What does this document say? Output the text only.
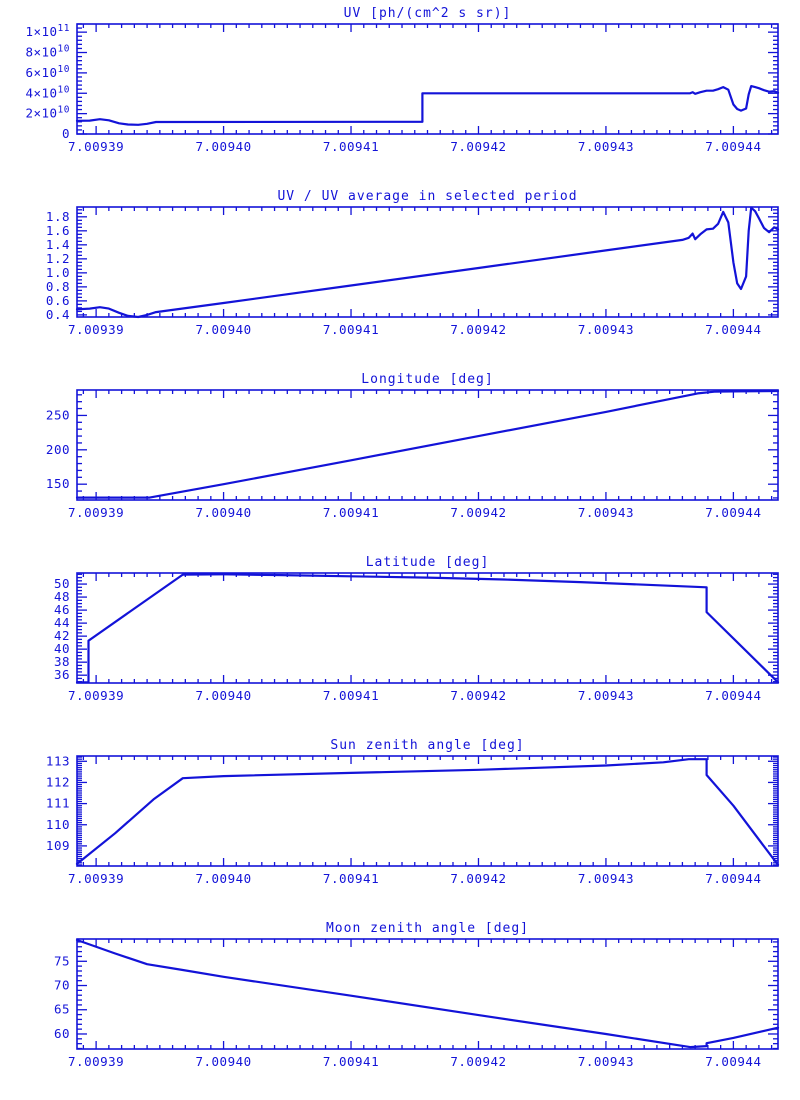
UV [ph/(cm^2 s sr)]
7.00939	7.00940	7.00941	7.00942	7.00943	7.00944
0
$2\times 10^{10}$
$4\times 10^{10}$
$6\times 10^{10}$
$8\times 10^{10}$
$1\times 10^{11}$
UV / UV average in selected period
7.00939	7.00940	7.00941	7.00942	7.00943	7.00944
0.4
0.6
0.8
1.0
1.2
1.4
1.6
1.8
Longitude [deg]
7.00939	7.00940	7.00941	7.00942	7.00943	7.00944
150
200
250
Latitude [deg]
7.00939	7.00940	7.00941	7.00942	7.00943	7.00944
36
38
40
42
44
46
48
50
Sun zenith angle [deg]
7.00939	7.00940	7.00941	7.00942	7.00943	7.00944
109
110
111
112
113
Moon zenith angle [deg]
7.00939	7.00940	7.00941	7.00942	7.00943	7.00944
60
65
70
75
